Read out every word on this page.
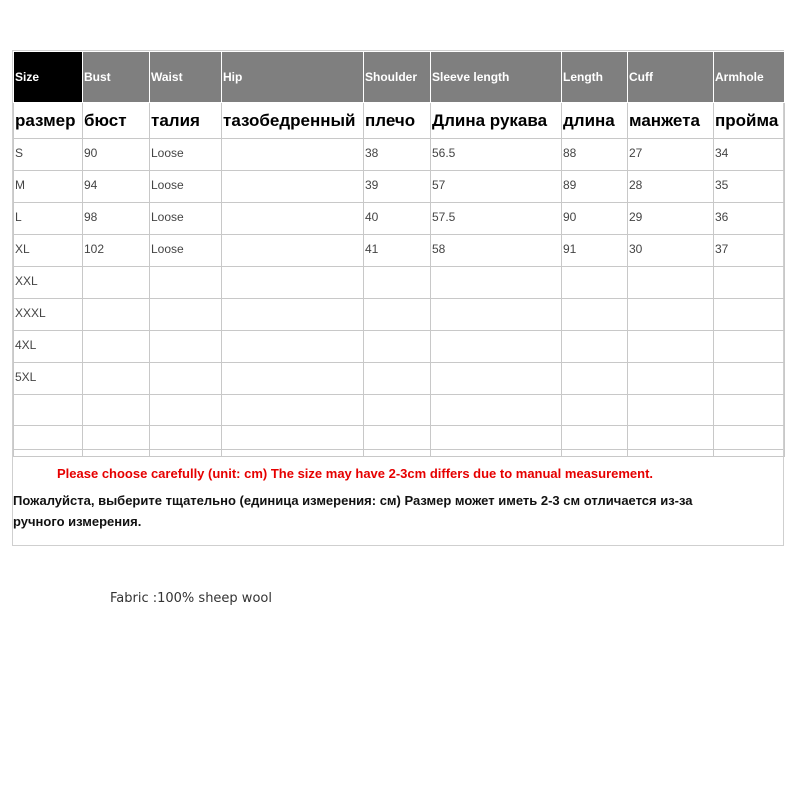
Size	Bust	Waist	Hip	Shoulder	Sleeve length	Length	Cuff	Armhole
размер	бюст	талия	тазобедренный	плечо	Длина рукава	длина	манжета	пройма
S	90	Loose		38	56.5	88	27	34
M	94	Loose		39	57	89	28	35
L	98	Loose		40	57.5	90	29	36
XL	102	Loose		41	58	91	30	37
XXL								
XXXL								
4XL								
5XL								

Please choose carefully (unit: cm) The size may have 2-3cm differs due to manual measurement.
Пожалуйста, выберите тщательно (единица измерения: см) Размер может иметь 2-3 см отличается из-за ручного измерения.
Fabric :100% sheep wool
